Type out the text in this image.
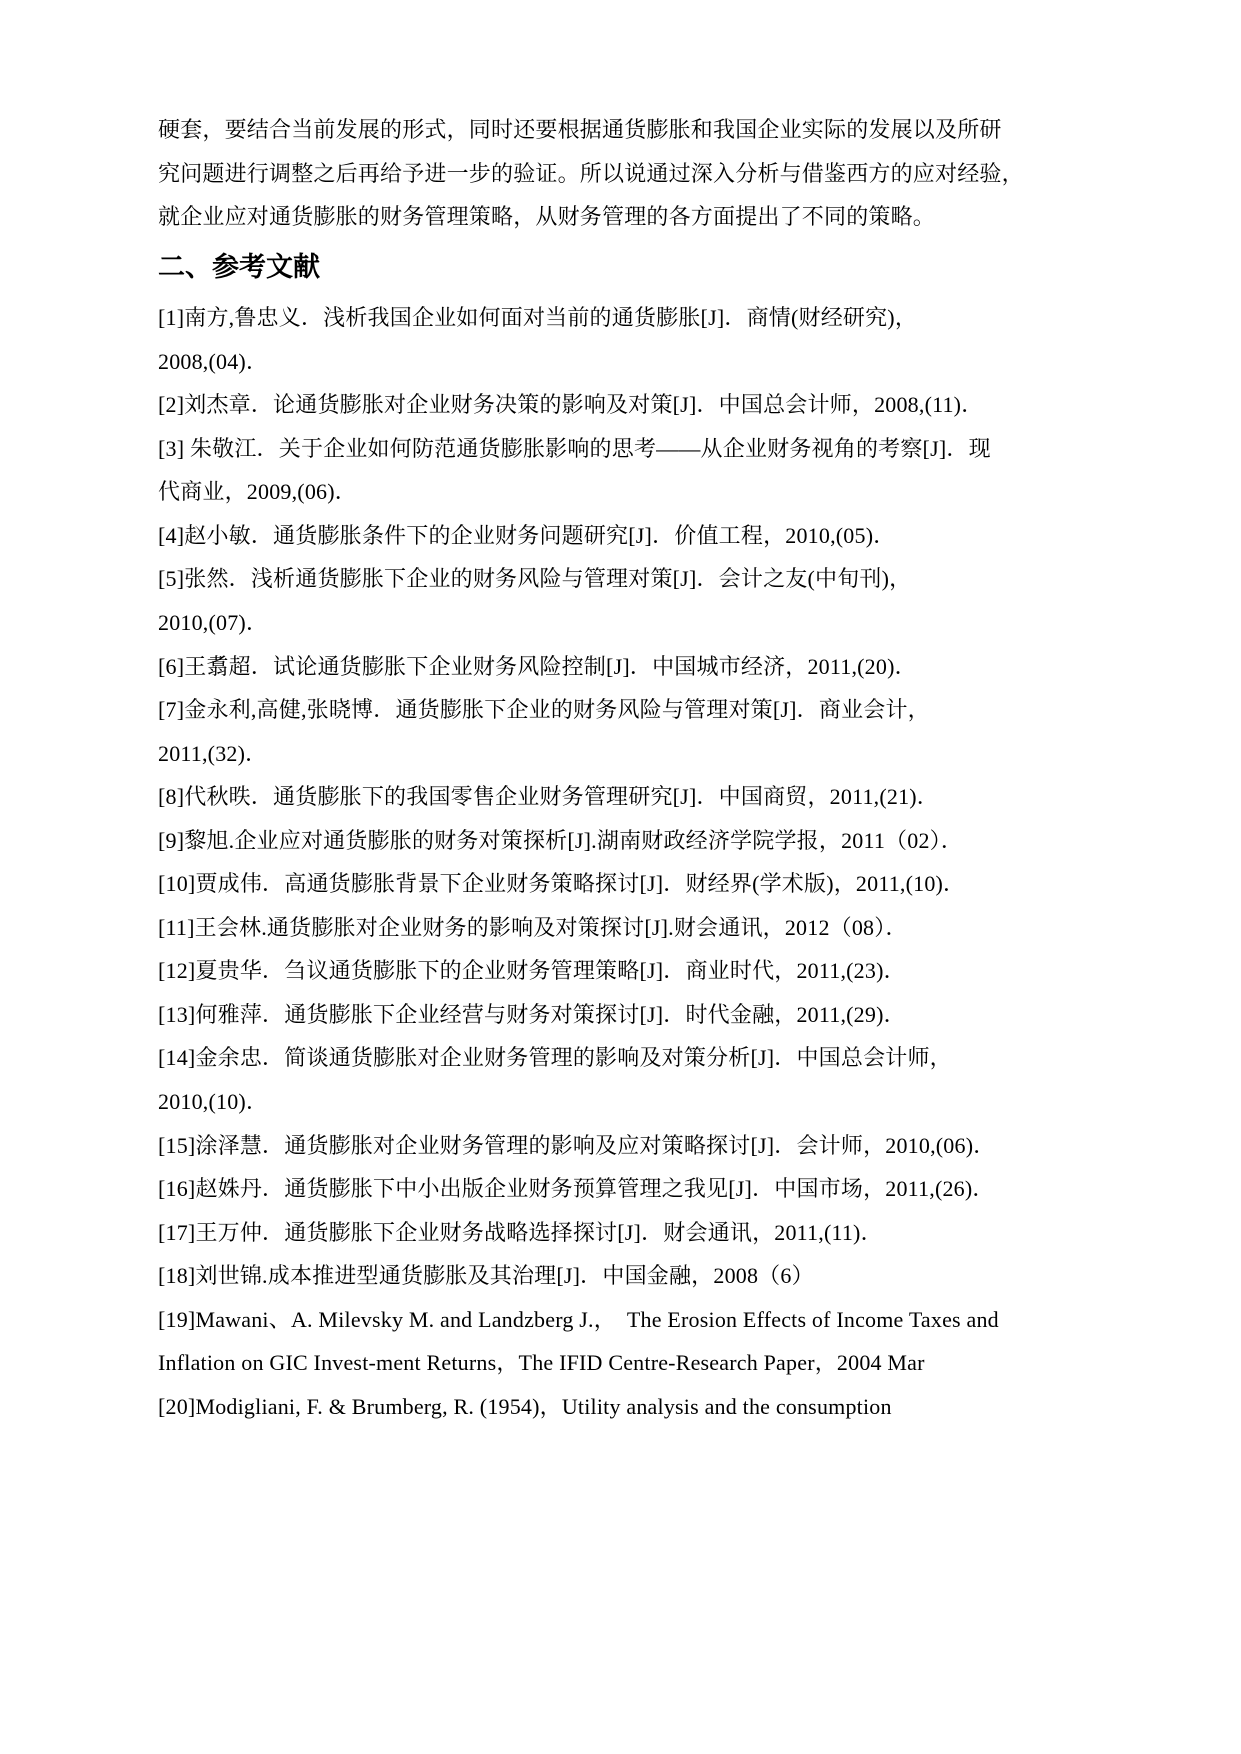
硬套，要结合当前发展的形式，同时还要根据通货膨胀和我国企业实际的发展以及所研
究问题进行调整之后再给予进一步的验证。所以说通过深入分析与借鉴西方的应对经验，
就企业应对通货膨胀的财务管理策略，从财务管理的各方面提出了不同的策略。
二、参考文献
[1]南方,鲁忠义．浅析我国企业如何面对当前的通货膨胀[J]．商情(财经研究)，
2008,(04)．
[2]刘杰章．论通货膨胀对企业财务决策的影响及对策[J]．中国总会计师，2008,(11)．
[3] 朱敬江．关于企业如何防范通货膨胀影响的思考——从企业财务视角的考察[J]．现
代商业，2009,(06)．
[4]赵小敏．通货膨胀条件下的企业财务问题研究[J]．价值工程，2010,(05)．
[5]张然．浅析通货膨胀下企业的财务风险与管理对策[J]．会计之友(中旬刊)，
2010,(07)．
[6]王翥超．试论通货膨胀下企业财务风险控制[J]．中国城市经济，2011,(20)．
[7]金永利,高健,张晓博．通货膨胀下企业的财务风险与管理对策[J]．商业会计，
2011,(32)．
[8]代秋昳．通货膨胀下的我国零售企业财务管理研究[J]．中国商贸，2011,(21)．
[9]黎旭.企业应对通货膨胀的财务对策探析[J].湖南财政经济学院学报，2011（02）．
[10]贾成伟．高通货膨胀背景下企业财务策略探讨[J]．财经界(学术版)，2011,(10)．
[11]王会林.通货膨胀对企业财务的影响及对策探讨[J].财会通讯，2012（08）．
[12]夏贵华．刍议通货膨胀下的企业财务管理策略[J]．商业时代，2011,(23)．
[13]何雅萍．通货膨胀下企业经营与财务对策探讨[J]．时代金融，2011,(29)．
[14]金余忠．简谈通货膨胀对企业财务管理的影响及对策分析[J]．中国总会计师，
2010,(10)．
[15]涂泽慧．通货膨胀对企业财务管理的影响及应对策略探讨[J]．会计师，2010,(06)．
[16]赵姝丹．通货膨胀下中小出版企业财务预算管理之我见[J]．中国市场，2011,(26)．
[17]王万仲．通货膨胀下企业财务战略选择探讨[J]．财会通讯，2011,(11)．
[18]刘世锦.成本推进型通货膨胀及其治理[J]．中国金融，2008（6）
[19]Mawani、A. Milevsky M. and Landzberg J.，  The Erosion Effects of Income Taxes and
Inflation on GIC Invest-ment Returns，The IFID Centre-Research Paper，2004 Mar
[20]Modigliani, F. & Brumberg, R. (1954)，Utility analysis and the consumption
